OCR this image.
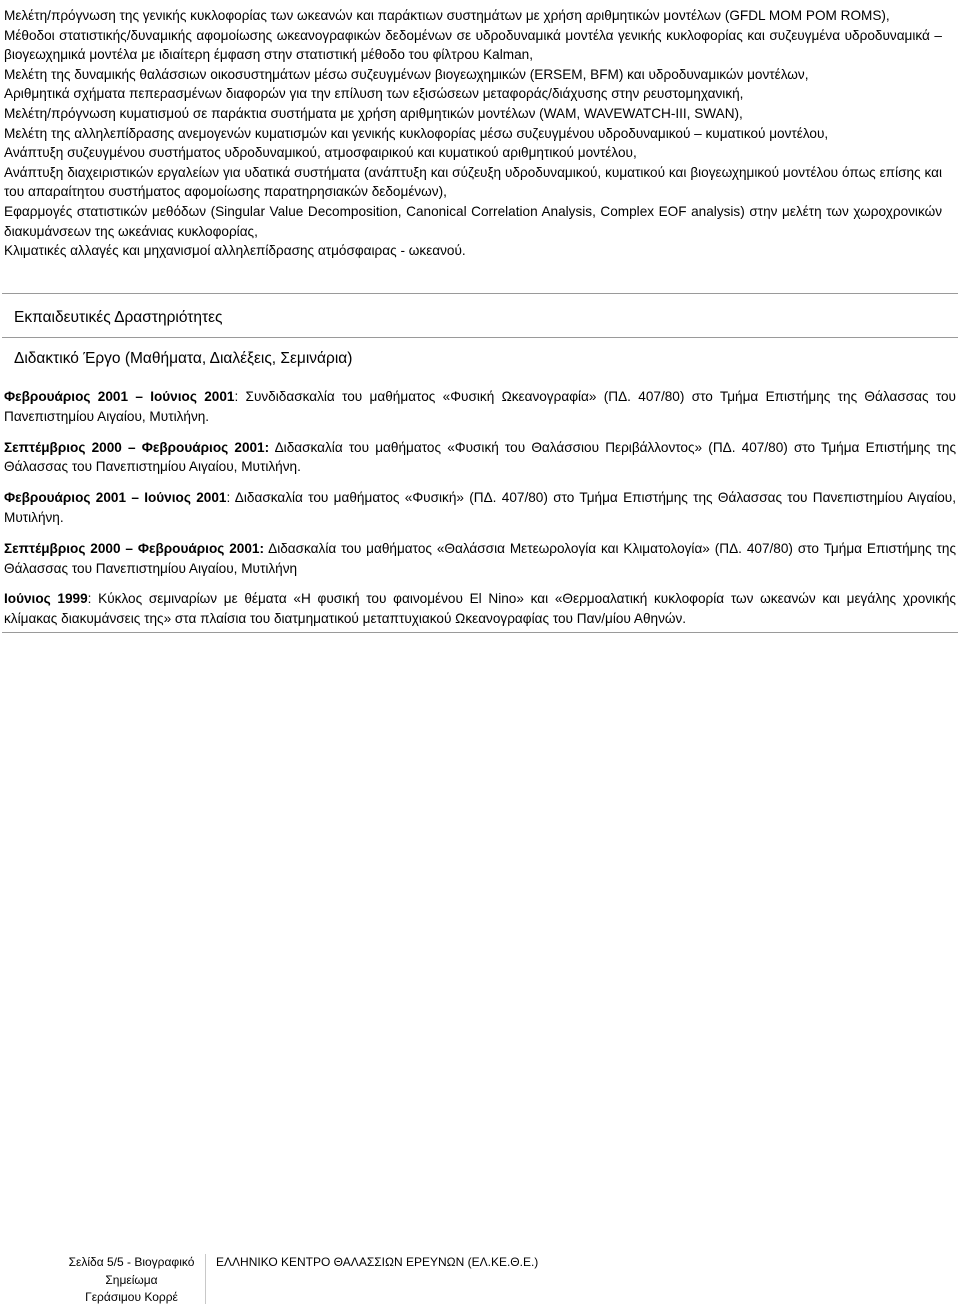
Μελέτη/πρόγνωση της γενικής κυκλοφορίας των ωκεανών και παράκτιων συστημάτων με χρήση αριθμητικών μοντέλων (GFDL MOM POM ROMS),

Μέθοδοι στατιστικής/δυναμικής αφομοίωσης ωκεανογραφικών δεδομένων σε υδροδυναμικά μοντέλα γενικής κυκλοφορίας και συζευγμένα υδροδυναμικά – βιογεωχημικά μοντέλα με ιδιαίτερη έμφαση στην στατιστική μέθοδο του φίλτρου Kalman,

Μελέτη της δυναμικής θαλάσσιων οικοσυστημάτων μέσω συζευγμένων βιογεωχημικών (ERSEM, BFM) και υδροδυναμικών μοντέλων,

Αριθμητικά σχήματα πεπερασμένων διαφορών για την επίλυση των εξισώσεων μεταφοράς/διάχυσης στην ρευστομηχανική,

Μελέτη/πρόγνωση κυματισμού σε παράκτια συστήματα με χρήση αριθμητικών μοντέλων (WAM, WAVEWATCH-III, SWAN),

Μελέτη της αλληλεπίδρασης ανεμογενών κυματισμών και γενικής κυκλοφορίας μέσω συζευγμένου υδροδυναμικού – κυματικού μοντέλου,

Ανάπτυξη συζευγμένου συστήματος υδροδυναμικού, ατμοσφαιρικού και κυματικού αριθμητικού μοντέλου,

Ανάπτυξη διαχειριστικών εργαλείων για υδατικά συστήματα (ανάπτυξη και σύζευξη υδροδυναμικού, κυματικού και βιογεωχημικού μοντέλου όπως επίσης και του απαραίτητου συστήματος αφομοίωσης παρατηρησιακών δεδομένων),

Εφαρμογές στατιστικών μεθόδων (Singular Value Decomposition, Canonical Correlation Analysis, Complex EOF analysis) στην μελέτη των χωροχρονικών διακυμάνσεων της ωκεάνιας κυκλοφορίας,

Κλιματικές αλλαγές και μηχανισμοί αλληλεπίδρασης ατμόσφαιρας - ωκεανού.

Εκπαιδευτικές Δραστηριότητες
Διδακτικό Έργο (Μαθήματα, Διαλέξεις, Σεμινάρια)

Φεβρουάριος 2001 – Ιούνιος 2001: Συνδιδασκαλία του μαθήματος «Φυσική Ωκεανογραφία» (ΠΔ. 407/80) στο Τμήμα Επιστήμης της Θάλασσας του Πανεπιστημίου Αιγαίου, Μυτιλήνη.

Σεπτέμβριος 2000 – Φεβρουάριος 2001: Διδασκαλία του μαθήματος «Φυσική του Θαλάσσιου Περιβάλλοντος» (ΠΔ. 407/80) στο Τμήμα Επιστήμης της Θάλασσας του Πανεπιστημίου Αιγαίου, Μυτιλήνη.

Φεβρουάριος 2001 – Ιούνιος 2001: Διδασκαλία του μαθήματος «Φυσική» (ΠΔ. 407/80) στο Τμήμα Επιστήμης της Θάλασσας του Πανεπιστημίου Αιγαίου, Μυτιλήνη.

Σεπτέμβριος 2000 – Φεβρουάριος 2001: Διδασκαλία του μαθήματος «Θαλάσσια Μετεωρολογία και Κλιματολογία» (ΠΔ. 407/80) στο Τμήμα Επιστήμης της Θάλασσας του Πανεπιστημίου Αιγαίου, Μυτιλήνη

Ιούνιος 1999: Κύκλος σεμιναρίων με θέματα «Η φυσική του φαινομένου El Nino» και «Θερμοαλατική κυκλοφορία των ωκεανών και μεγάλης χρονικής κλίμακας διακυμάνσεις της» στα πλαίσια του διατμηματικού μεταπτυχιακού Ωκεανογραφίας του Παν/μίου Αθηνών.

Σελίδα 5/5 - Βιογραφικό
Σημείωμα
Γεράσιμου Κορρέ
ΕΛΛΗΝΙΚΟ ΚΕΝΤΡΟ ΘΑΛΑΣΣΙΩΝ ΕΡΕΥΝΩΝ (ΕΛ.ΚΕ.Θ.Ε.)
